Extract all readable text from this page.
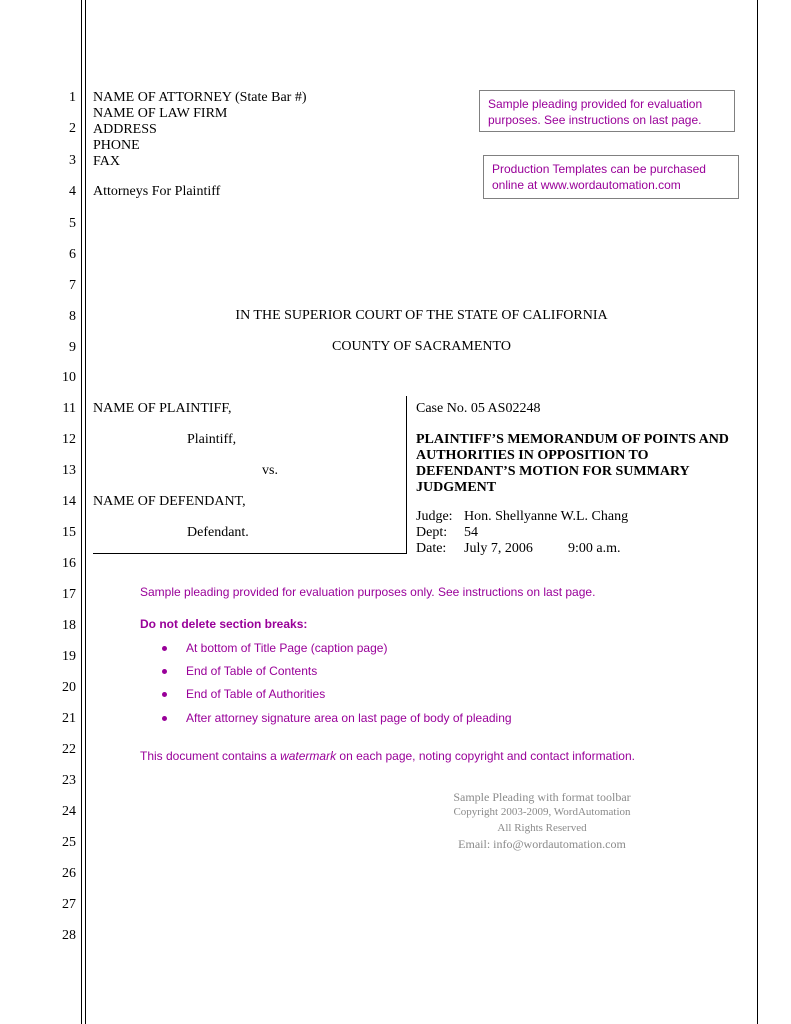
1
2
3
4
5
6
7
8
9
10
11
12
13
14
15
16
17
18
19
20
21
22
23
24
25
26
27
28
NAME OF ATTORNEY (State Bar #)
NAME OF LAW FIRM
ADDRESS
PHONE
FAX
Attorneys For Plaintiff
Sample pleading provided for evaluation purposes. See instructions on last page.
Production Templates can be purchased online at www.wordautomation.com
IN THE SUPERIOR COURT OF THE STATE OF CALIFORNIA
COUNTY OF SACRAMENTO
NAME OF PLAINTIFF,
Plaintiff,
vs.
NAME OF DEFENDANT,
Defendant.
Case No. 05 AS02248
PLAINTIFF’S MEMORANDUM OF POINTS AND AUTHORITIES IN OPPOSITION TO DEFENDANT’S MOTION FOR SUMMARY JUDGMENT
Judge: Hon. Shellyanne W.L. Chang
Dept: 54
Date: July 7, 2006	9:00 a.m.
Sample pleading provided for evaluation purposes only. See instructions on last page.
Do not delete section breaks:
At bottom of Title Page (caption page)
End of Table of Contents
End of Table of Authorities
After attorney signature area on last page of body of pleading
This document contains a watermark on each page, noting copyright and contact information.
Sample Pleading with format toolbar
Copyright 2003-2009, WordAutomation
All Rights Reserved
Email: info@wordautomation.com
